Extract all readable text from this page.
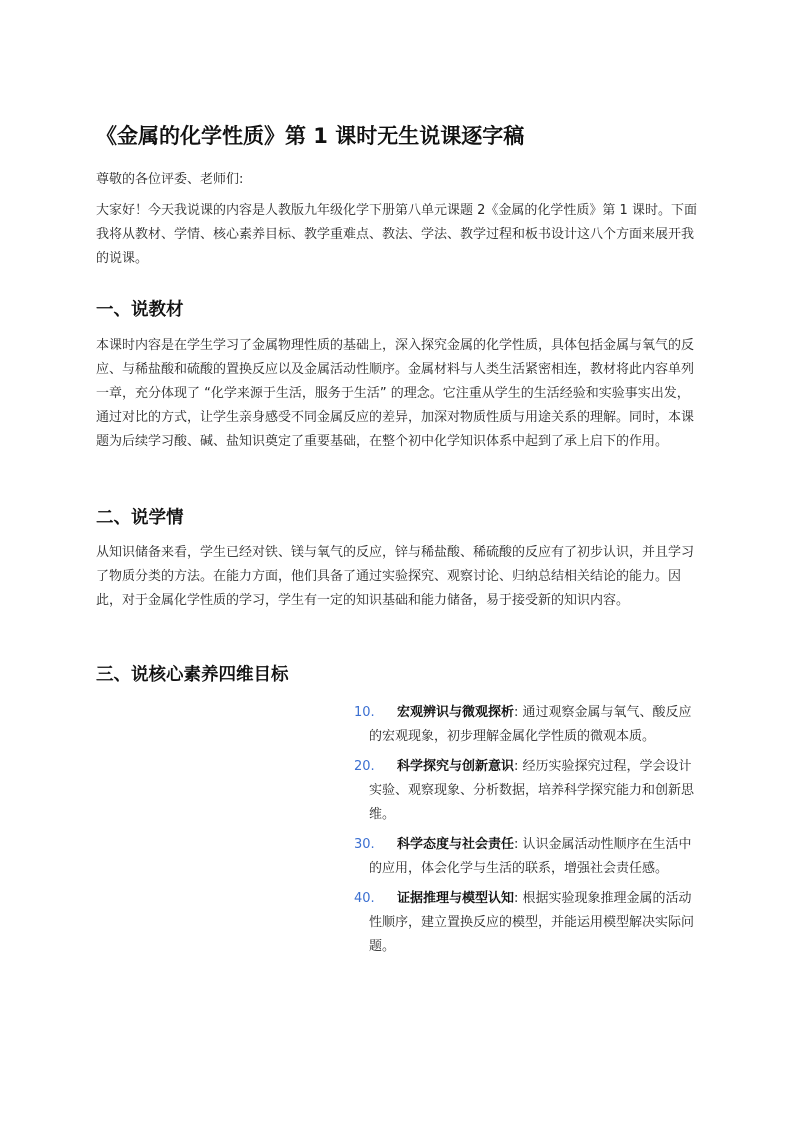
《金属的化学性质》第 1 课时无生说课逐字稿

尊敬的各位评委、老师们:

大家好！今天我说课的内容是人教版九年级化学下册第八单元课题 2《金属的化学性质》第 1 课时。下面我将从教材、学情、核心素养目标、教学重难点、教法、学法、教学过程和板书设计这八个方面来展开我的说课。

一、说教材

本课时内容是在学生学习了金属物理性质的基础上，深入探究金属的化学性质，具体包括金属与氧气的反应、与稀盐酸和硫酸的置换反应以及金属活动性顺序。金属材料与人类生活紧密相连，教材将此内容单列一章，充分体现了 “化学来源于生活，服务于生活” 的理念。它注重从学生的生活经验和实验事实出发，通过对比的方式，让学生亲身感受不同金属反应的差异，加深对物质性质与用途关系的理解。同时，本课题为后续学习酸、碱、盐知识奠定了重要基础，在整个初中化学知识体系中起到了承上启下的作用。

二、说学情

从知识储备来看，学生已经对铁、镁与氧气的反应，锌与稀盐酸、稀硫酸的反应有了初步认识，并且学习了物质分类的方法。在能力方面，他们具备了通过实验探究、观察讨论、归纳总结相关结论的能力。因此，对于金属化学性质的学习，学生有一定的知识基础和能力储备，易于接受新的知识内容。

三、说核心素养四维目标
10.	宏观辨识与微观探析: 通过观察金属与氧气、酸反应的宏观现象，初步理解金属化学性质的微观本质。
20.	科学探究与创新意识: 经历实验探究过程，学会设计实验、观察现象、分析数据，培养科学探究能力和创新思维。
30.	科学态度与社会责任: 认识金属活动性顺序在生活中的应用，体会化学与生活的联系，增强社会责任感。
40.	证据推理与模型认知: 根据实验现象推理金属的活动性顺序，建立置换反应的模型，并能运用模型解决实际问题。
